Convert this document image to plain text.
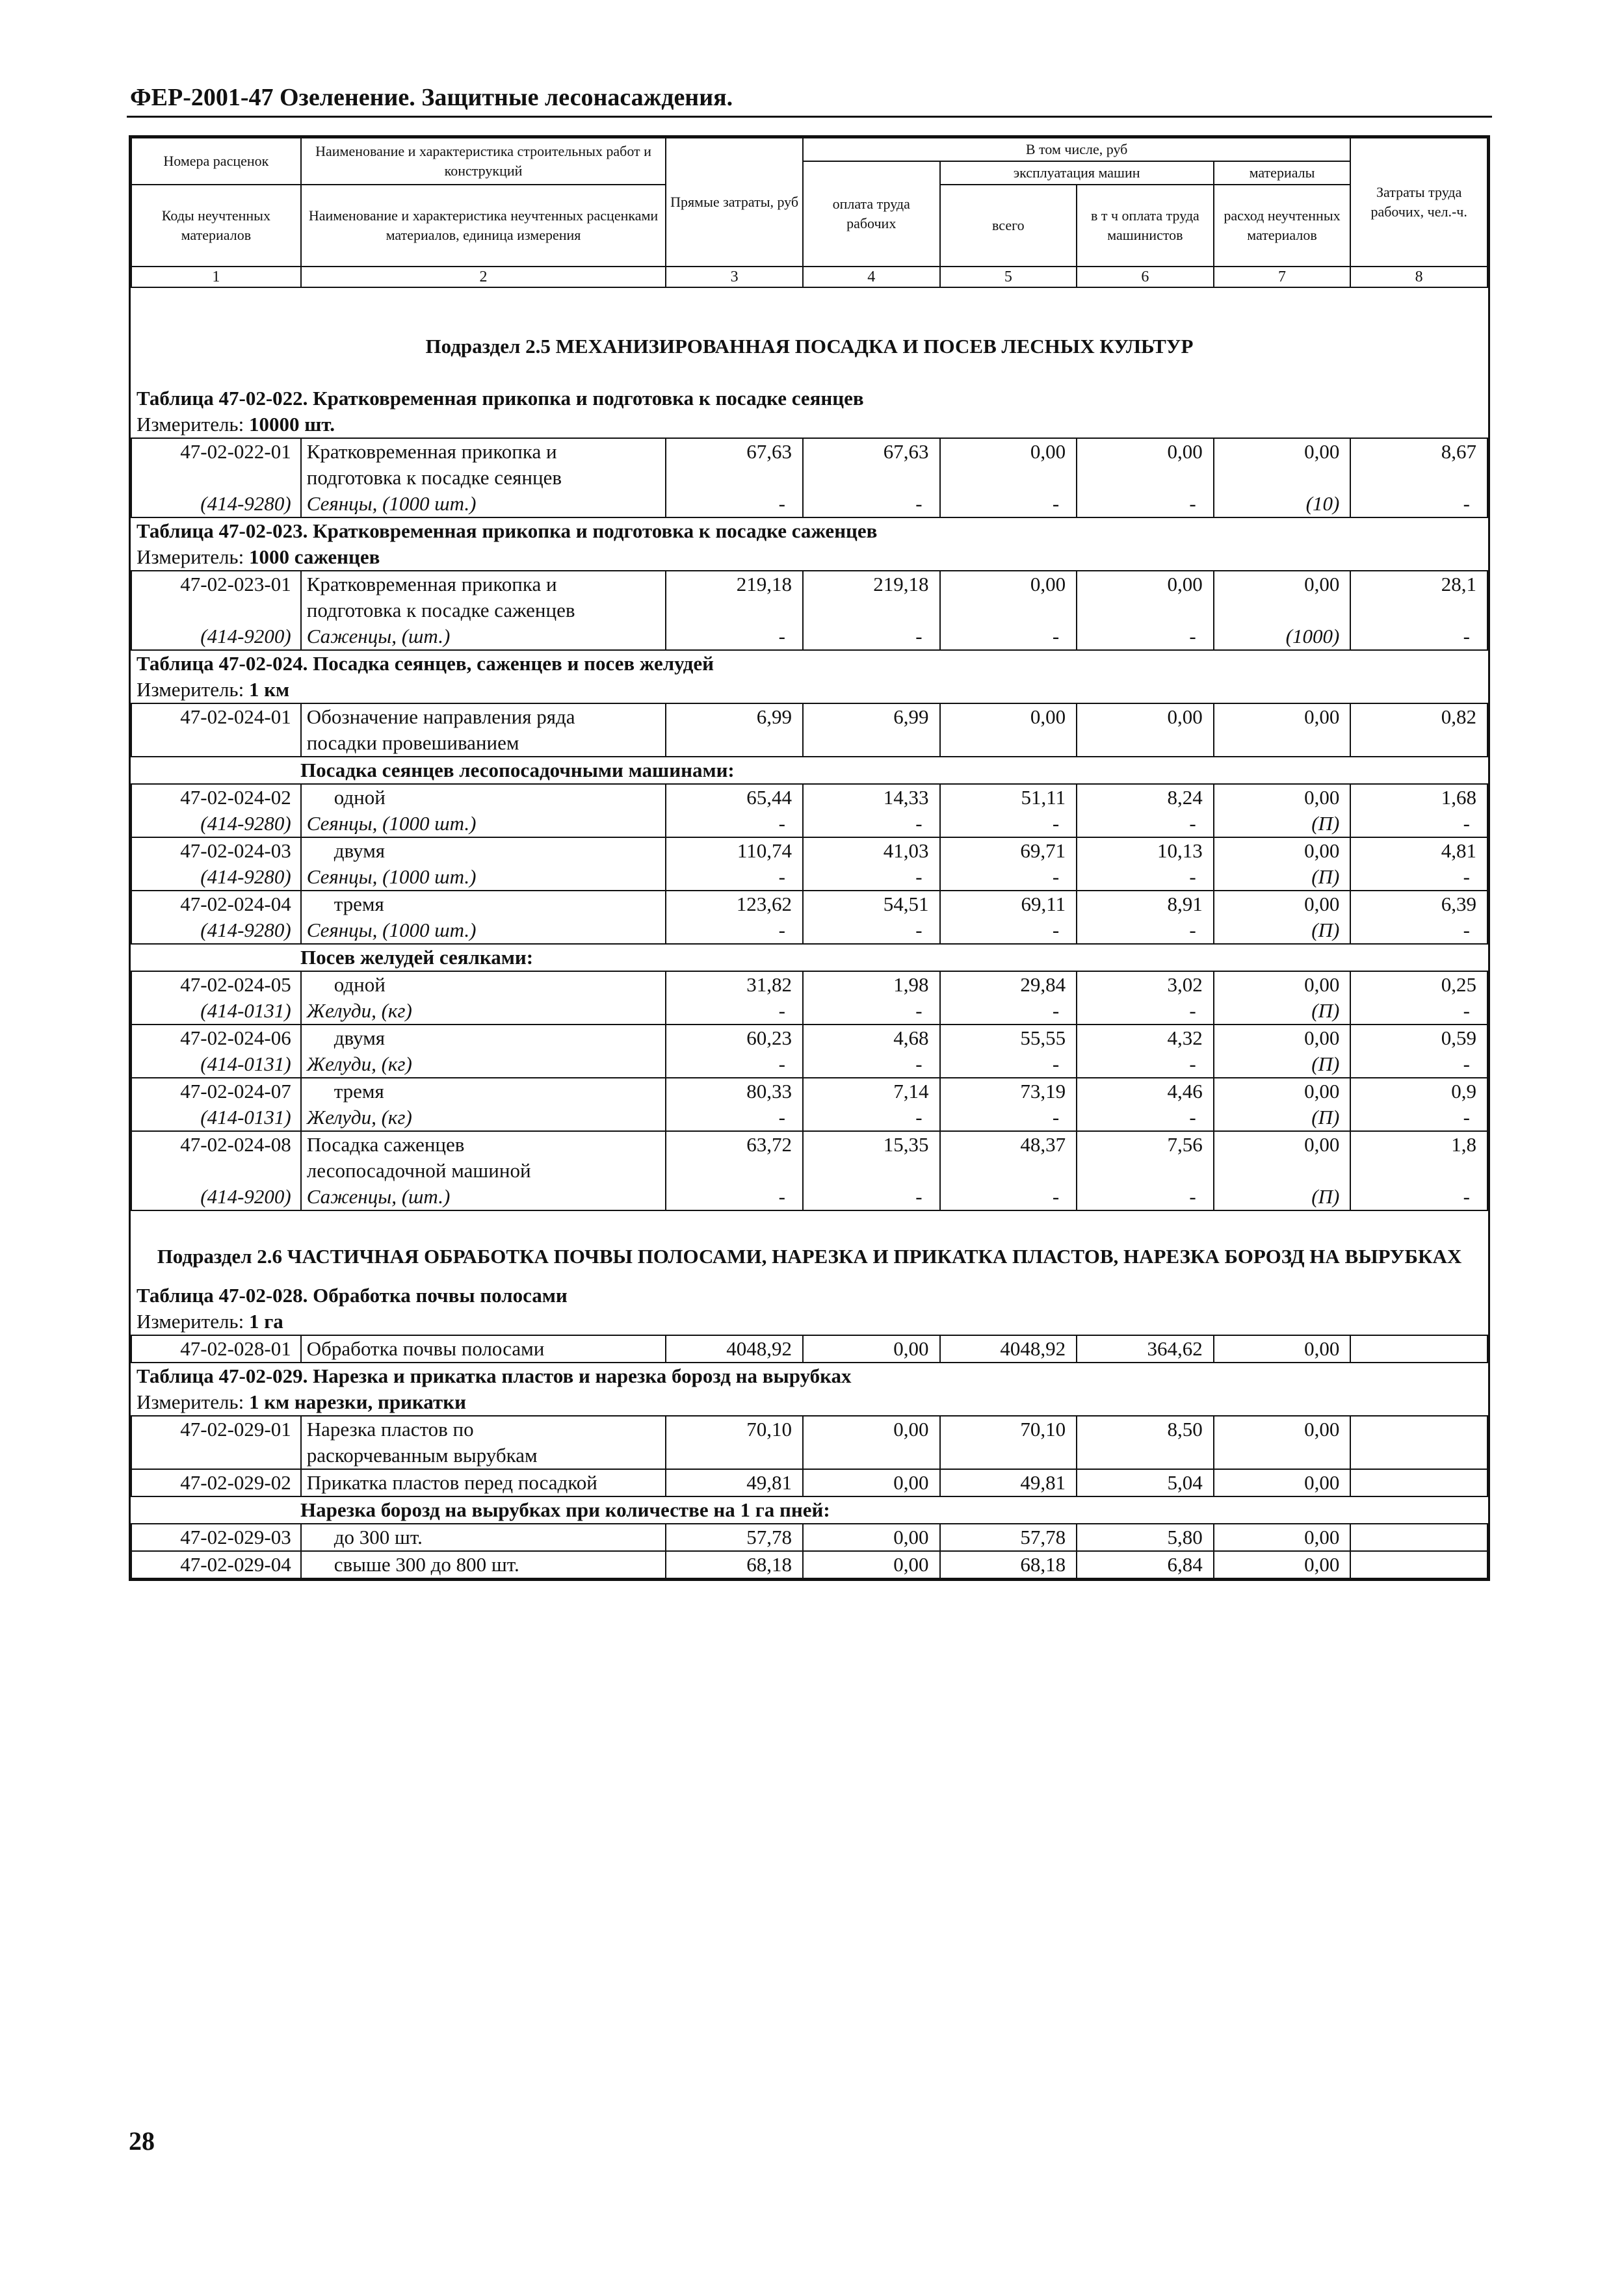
ФЕР-2001-47 Озеленение. Защитные лесонасаждения.
Номера расценок	Наименование и характеристика строительных работ и конструкций	Прямые затраты, руб	В том числе, руб				Затраты труда рабочих, чел.-ч.
			оплата труда рабочих	эксплуатация машин		материалы	
Коды неучтенных материалов	Наименование и характеристика неучтенных расценками материалов, единица измерения			всего	в т ч оплата труда машинистов	расход неучтенных материалов	

1	2	3	4	5	6	7	8
Подраздел 2.5 МЕХАНИЗИРОВАННАЯ ПОСАДКА И ПОСЕВ ЛЕСНЫХ КУЛЬТУР							
Таблица 47-02-022. Кратковременная прикопка и подготовка к посадке сеянцев							
Измеритель: 10000 шт.							
47-02-022-01	Кратковременная прикопка и
подготовка к посадке сеянцев	67,63	67,63	0,00	0,00	0,00	8,67
(414-9280)	Сеянцы, (1000 шт.)	-	-	-	-	(10)	-
Таблица 47-02-023. Кратковременная прикопка и подготовка к посадке саженцев							
Измеритель: 1000 саженцев							
47-02-023-01	Кратковременная прикопка и
подготовка к посадке саженцев	219,18	219,18	0,00	0,00	0,00	28,1
(414-9200)	Саженцы, (шт.)	-	-	-	-	(1000)	-
Таблица 47-02-024. Посадка сеянцев, саженцев и посев желудей							
Измеритель: 1 км							
47-02-024-01	Обозначение направления ряда
посадки провешиванием	6,99	6,99	0,00	0,00	0,00	0,82
Посадка сеянцев лесопосадочными машинами:							
47-02-024-02	одной	65,44	14,33	51,11	8,24	0,00	1,68
(414-9280)	Сеянцы, (1000 шт.)	-	-	-	-	(П)	-
47-02-024-03	двумя	110,74	41,03	69,71	10,13	0,00	4,81
(414-9280)	Сеянцы, (1000 шт.)	-	-	-	-	(П)	-
47-02-024-04	тремя	123,62	54,51	69,11	8,91	0,00	6,39
(414-9280)	Сеянцы, (1000 шт.)	-	-	-	-	(П)	-
Посев желудей сеялками:							
47-02-024-05	одной	31,82	1,98	29,84	3,02	0,00	0,25
(414-0131)	Желуди, (кг)	-	-	-	-	(П)	-
47-02-024-06	двумя	60,23	4,68	55,55	4,32	0,00	0,59
(414-0131)	Желуди, (кг)	-	-	-	-	(П)	-
47-02-024-07	тремя	80,33	7,14	73,19	4,46	0,00	0,9
(414-0131)	Желуди, (кг)	-	-	-	-	(П)	-
47-02-024-08	Посадка саженцев
лесопосадочной машиной	63,72	15,35	48,37	7,56	0,00	1,8
(414-9200)	Саженцы, (шт.)	-	-	-	-	(П)	-
Подраздел 2.6 ЧАСТИЧНАЯ ОБРАБОТКА ПОЧВЫ ПОЛОСАМИ, НАРЕЗКА И ПРИКАТКА ПЛАСТОВ, НАРЕЗКА БОРОЗД НА ВЫРУБКАХ							
Таблица 47-02-028. Обработка почвы полосами							
Измеритель: 1 га							
47-02-028-01	Обработка почвы полосами	4048,92	0,00	4048,92	364,62	0,00	
Таблица 47-02-029. Нарезка и прикатка пластов и нарезка борозд на вырубках							
Измеритель: 1 км нарезки, прикатки							
47-02-029-01	Нарезка пластов по
раскорчеванным вырубкам	70,10	0,00	70,10	8,50	0,00	
47-02-029-02	Прикатка пластов перед посадкой	49,81	0,00	49,81	5,04	0,00	
Нарезка борозд на вырубках при количестве на 1 га пней:							
47-02-029-03	до 300 шт.	57,78	0,00	57,78	5,80	0,00	
47-02-029-04	свыше 300 до 800 шт.	68,18	0,00	68,18	6,84	0,00	
28
